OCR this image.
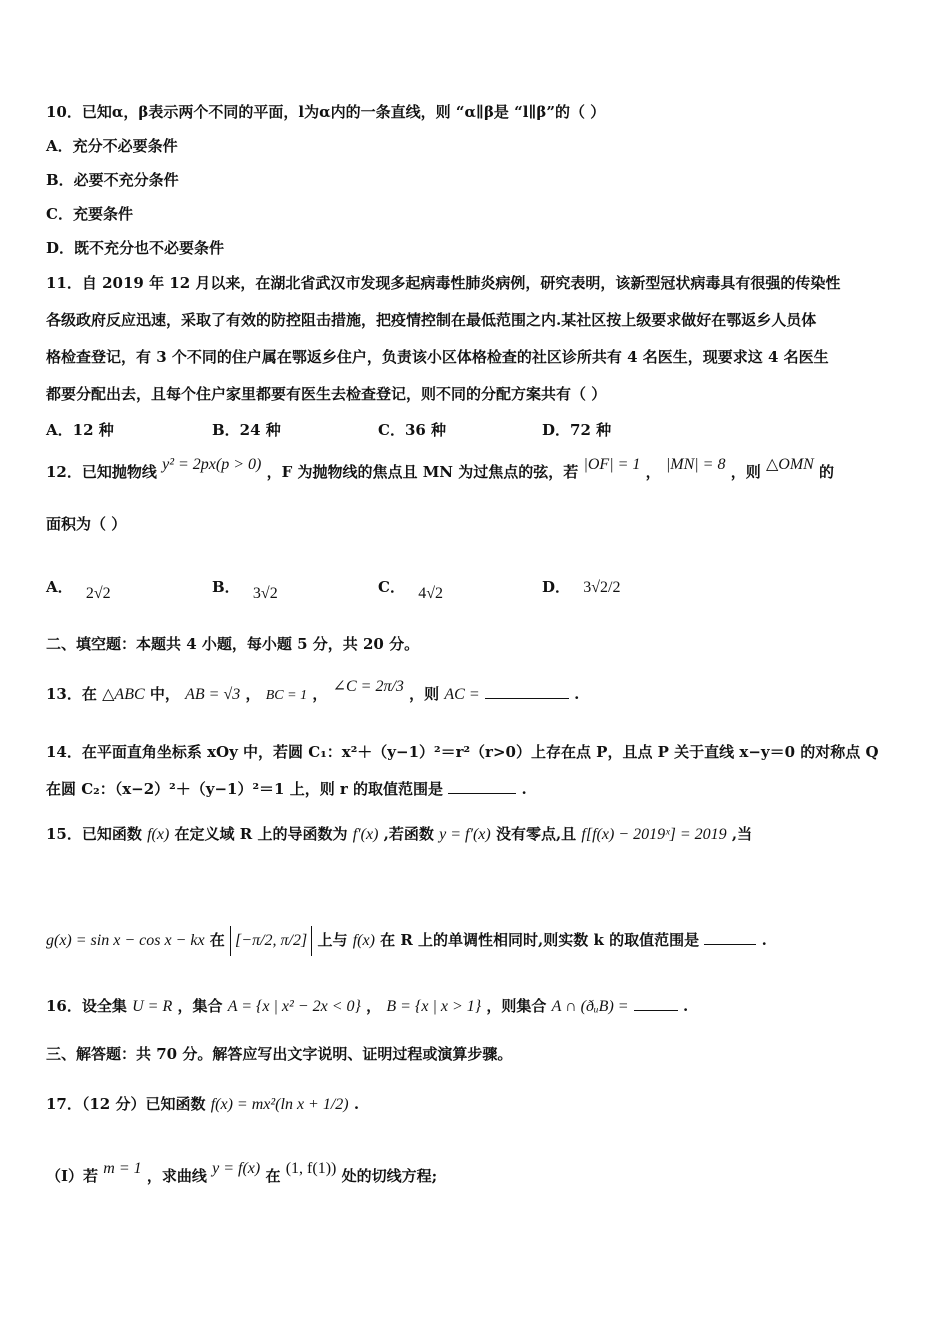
10．已知α，β表示两个不同的平面，l为α内的一条直线，则 “α∥β是 “l∥β”的（ ）
A．充分不必要条件
B．必要不充分条件
C．充要条件
D．既不充分也不必要条件
11．自 2019 年 12 月以来，在湖北省武汉市发现多起病毒性肺炎病例，研究表明，该新型冠状病毒具有很强的传染性
各级政府反应迅速，采取了有效的防控阻击措施，把疫情控制在最低范围之内.某社区按上级要求做好在鄂返乡人员体
格检查登记，有 3 个不同的住户属在鄂返乡住户，负责该小区体格检查的社区诊所共有 4 名医生，现要求这 4 名医生
都要分配出去，且每个住户家里都要有医生去检查登记，则不同的分配方案共有（ ）
A．12 种	B．24 种	C．36 种	D．72 种
12．已知抛物线 y² = 2px(p > 0) ，F 为抛物线的焦点且 MN 为过焦点的弦，若 |OF| = 1 ， |MN| = 8 ，则 △OMN 的
面积为（ ）
A． 2√2	B． 3√2	C． 4√2	D． 3√2/2
二、填空题：本题共 4 小题，每小题 5 分，共 20 分。
13．在 △ABC 中， AB = √3 ， BC = 1 ， ∠C = 2π/3 ，则 AC =	.
14．在平面直角坐标系 xOy 中，若圆 C₁：x²＋（y−1）²＝r²（r>0）上存在点 P，且点 P 关于直线 x−y＝0 的对称点 Q
在圆 C₂：（x−2）²＋（y−1）²＝1 上，则 r 的取值范围是	.
15．已知函数 f(x) 在定义域 R 上的导函数为 f′(x) ,若函数 y = f′(x) 没有零点,且 f[f(x) − 2019ˣ] = 2019 ,当
g(x) = sin x − cos x − kx 在 [−π/2, π/2] 上与 f(x) 在 R 上的单调性相同时,则实数 k 的取值范围是	.
16．设全集 U = R ，集合 A = {x | x² − 2x < 0} ， B = {x | x > 1} ，则集合 A ∩ (ðᵤB) =	.
三、解答题：共 70 分。解答应写出文字说明、证明过程或演算步骤。
17．（12 分）已知函数 f(x) = mx²(ln x + 1/2) .
（Ⅰ）若 m = 1 ，求曲线 y = f(x) 在 (1, f(1)) 处的切线方程;
